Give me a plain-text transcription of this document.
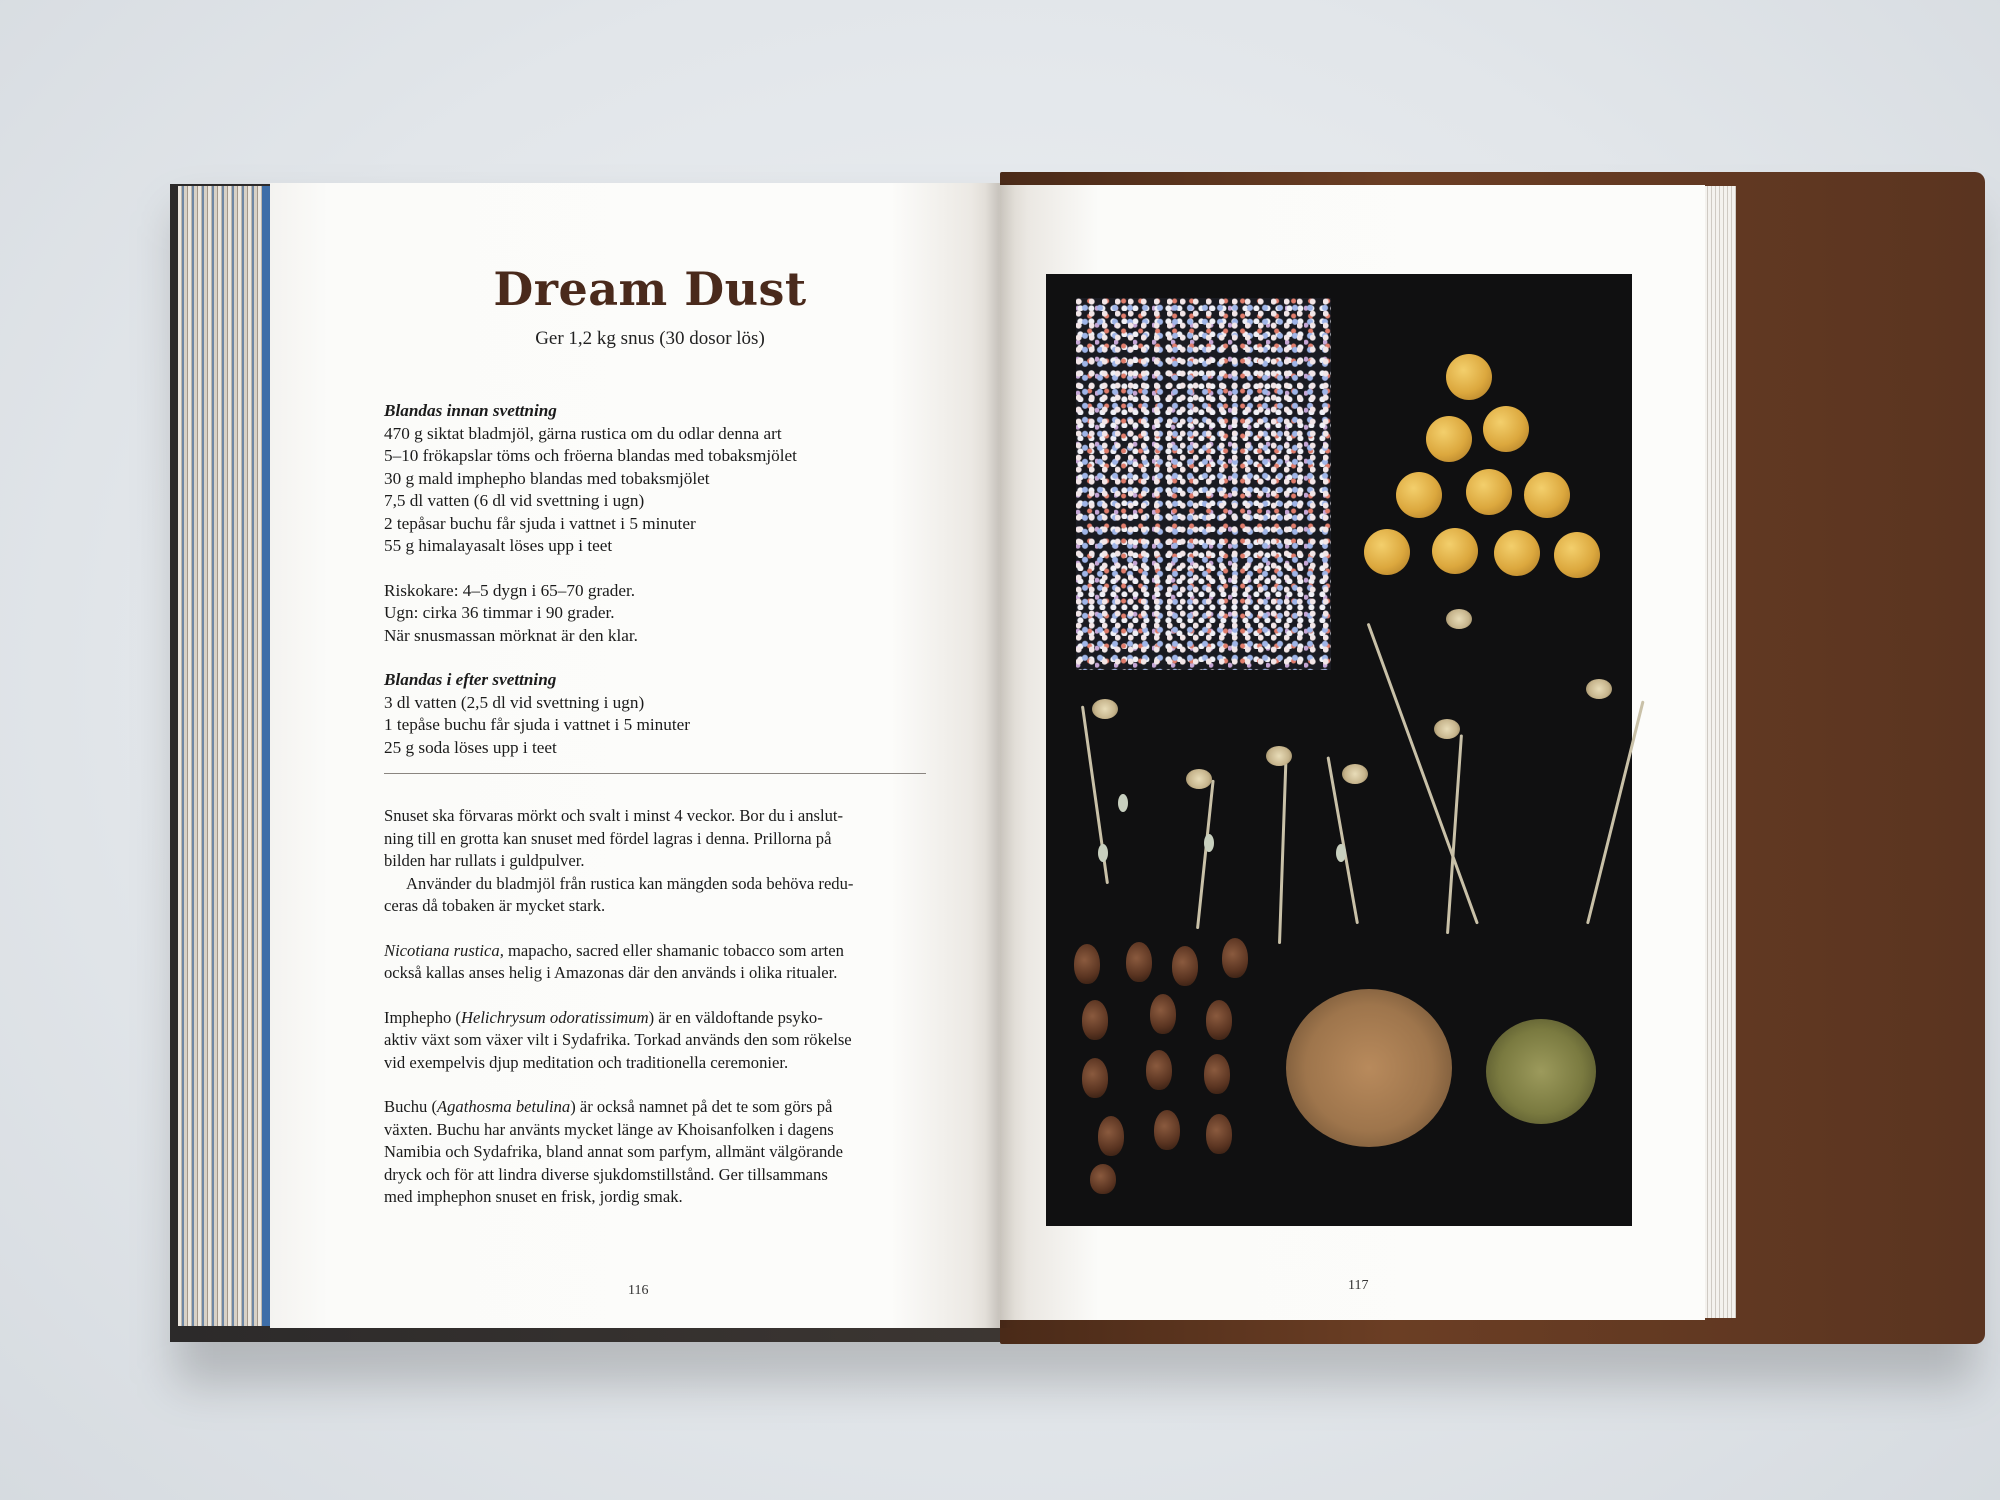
Dream Dust
Ger 1,2 kg snus (30 dosor lös)
Blandas innan svettning
470 g siktat bladmjöl, gärna rustica om du odlar denna art
5–10 frökapslar töms och fröerna blandas med tobaksmjölet
30 g mald imphepho blandas med tobaksmjölet
7,5 dl vatten (6 dl vid svettning i ugn)
2 tepåsar buchu får sjuda i vattnet i 5 minuter
55 g himalayasalt löses upp i teet
Riskokare: 4–5 dygn i 65–70 grader.
Ugn: cirka 36 timmar i 90 grader.
När snusmassan mörknat är den klar.
Blandas i efter svettning
3 dl vatten (2,5 dl vid svettning i ugn)
1 tepåse buchu får sjuda i vattnet i 5 minuter
25 g soda löses upp i teet
Snuset ska förvaras mörkt och svalt i minst 4 veckor. Bor du i anslut-
ning till en grotta kan snuset med fördel lagras i denna. Prillorna på
bilden har rullats i guldpulver.
Använder du bladmjöl från rustica kan mängden soda behöva redu-
ceras då tobaken är mycket stark.
Nicotiana rustica, mapacho, sacred eller shamanic tobacco som arten
också kallas anses helig i Amazonas där den används i olika ritualer.
Imphepho (Helichrysum odoratissimum) är en väldoftande psyko-
aktiv växt som växer vilt i Sydafrika. Torkad används den som rökelse
vid exempelvis djup meditation och traditionella ceremonier.
Buchu (Agathosma betulina) är också namnet på det te som görs på
växten. Buchu har använts mycket länge av Khoisanfolken i dagens
Namibia och Sydafrika, bland annat som parfym, allmänt välgörande
dryck och för att lindra diverse sjukdomstillstånd. Ger tillsammans
med imphephon snuset en frisk, jordig smak.
116	117
